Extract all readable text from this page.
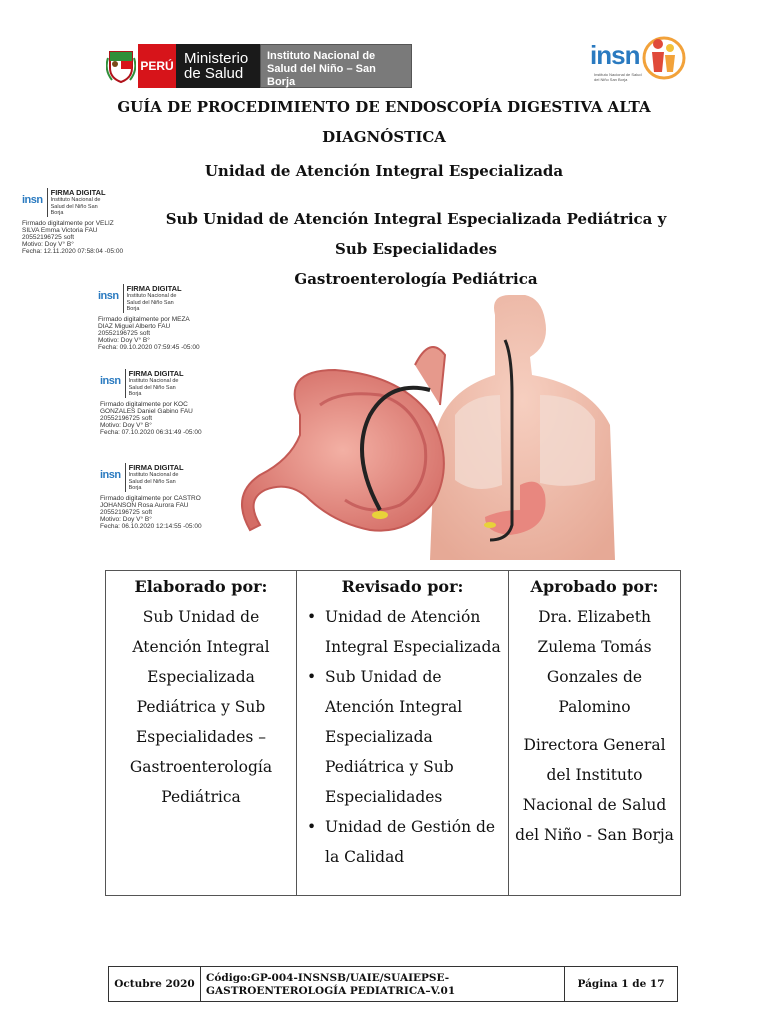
PERÚ Ministerio de Salud
Instituto Nacional de Salud del Niño – San Borja
insn
Instituto Nacional de Salud del Niño San Borja
GUÍA DE PROCEDIMIENTO DE ENDOSCOPÍA DIGESTIVA ALTA DIAGNÓSTICA
Unidad de Atención Integral Especializada
Sub Unidad de Atención Integral Especializada Pediátrica y Sub Especialidades
Gastroenterología Pediátrica
insn
FIRMA DIGITAL
Instituto Nacional de Salud del Niño San Borja
Firmado digitalmente por VELIZ
SILVA Emma Victoria FAU
20552196725 soft
Motivo: Doy V° B°
Fecha: 12.11.2020 07:58:04 -05:00
insn
FIRMA DIGITAL
Instituto Nacional de Salud del Niño San Borja
Firmado digitalmente por MEZA
DIAZ Miguel Alberto FAU
20552196725 soft
Motivo: Doy V° B°
Fecha: 09.10.2020 07:59:45 -05:00
insn
FIRMA DIGITAL
Instituto Nacional de Salud del Niño San Borja
Firmado digitalmente por KOC
GONZALES Daniel Gabino FAU
20552196725 soft
Motivo: Doy V° B°
Fecha: 07.10.2020 06:31:49 -05:00
insn
FIRMA DIGITAL
Instituto Nacional de Salud del Niño San Borja
Firmado digitalmente por CASTRO
JOHANSON Rosa Aurora FAU
20552196725 soft
Motivo: Doy V° B°
Fecha: 06.10.2020 12:14:55 -05:00
Elaborado por:
Sub Unidad de Atención Integral Especializada Pediátrica y Sub Especialidades – Gastroenterología Pediátrica
Revisado por:
• Unidad de Atención Integral Especializada
• Sub Unidad de Atención Integral Especializada Pediátrica y Sub Especialidades
• Unidad de Gestión de la Calidad
Aprobado por:
Dra. Elizabeth Zulema Tomás Gonzales de Palomino
Directora General del Instituto Nacional de Salud del Niño - San Borja
Octubre 2020	Código:GP-004-INSNSB/UAIE/SUAIEPSE-GASTROENTEROLOGÍA PEDIATRICA–V.01
Página 1 de 17
